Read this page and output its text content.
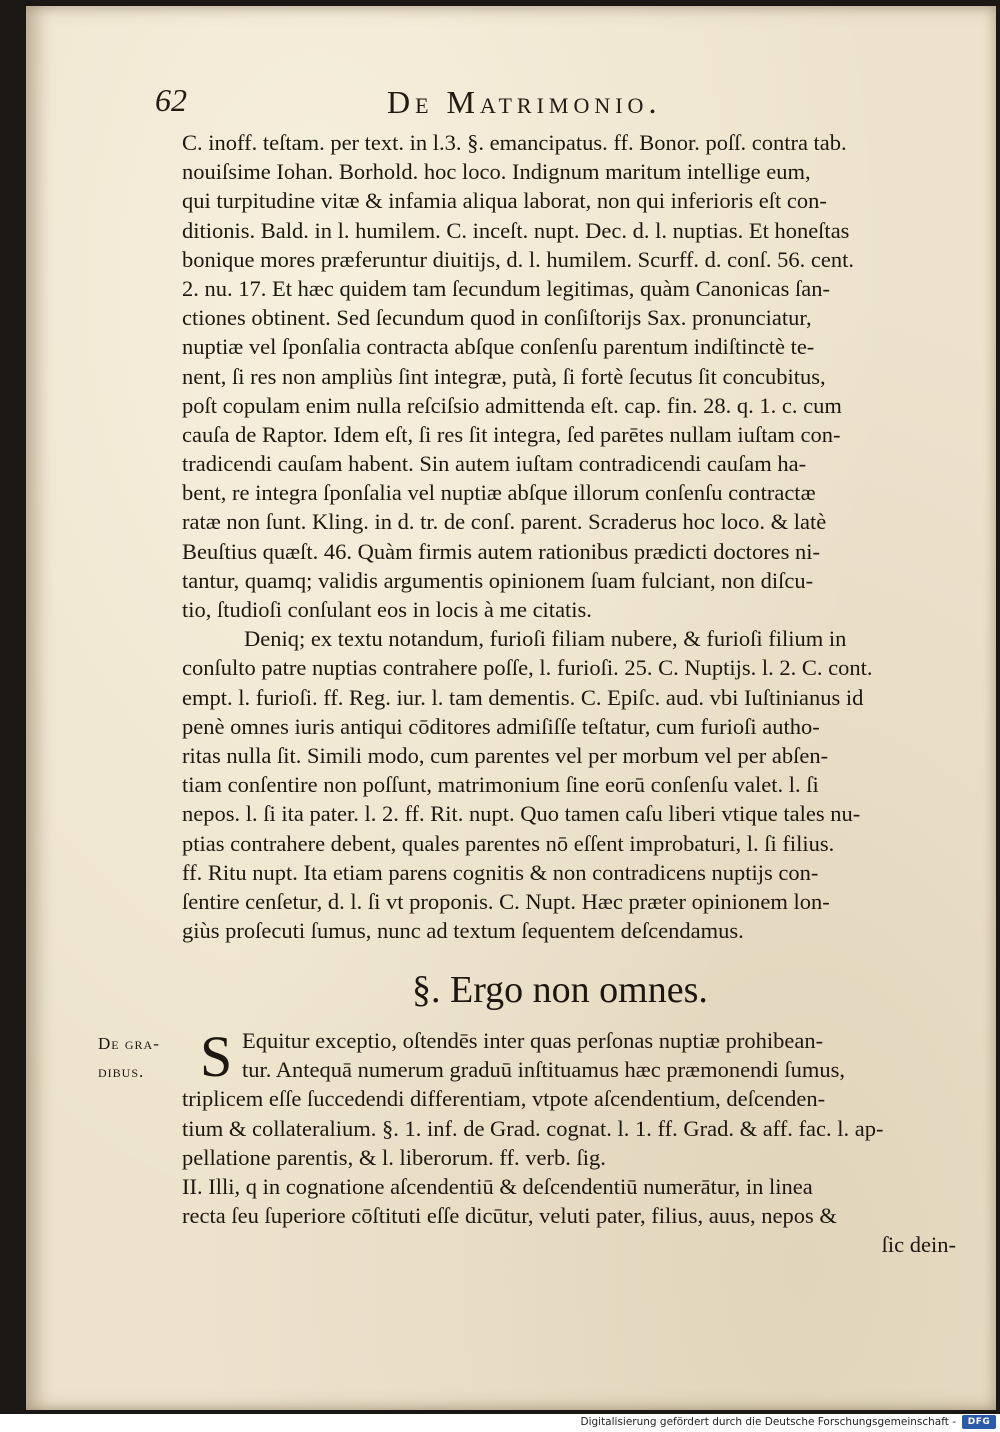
62	De Matrimonio.
C. inoff. teſtam. per text. in l.3. §. emancipatus. ff. Bonor. poſſ. contra tab.
nouiſsime Iohan. Borhold. hoc loco. Indignum maritum intellige eum,
qui turpitudine vitæ & infamia aliqua laborat, non qui inferioris eſt con-
ditionis. Bald. in l. humilem. C. inceſt. nupt. Dec. d. l. nuptias. Et honeſtas
bonique mores præferuntur diuitijs, d. l. humilem. Scurff. d. conſ. 56. cent.
2. nu. 17. Et hæc quidem tam ſecundum legitimas, quàm Canonicas ſan-
ctiones obtinent. Sed ſecundum quod in conſiſtorijs Sax. pronunciatur,
nuptiæ vel ſponſalia contracta abſque conſenſu parentum indiſtinctè te-
nent, ſi res non ampliùs ſint integræ, putà, ſi fortè ſecutus ſit concubitus,
poſt copulam enim nulla reſciſsio admittenda eſt. cap. fin. 28. q. 1. c. cum
cauſa de Raptor. Idem eſt, ſi res ſit integra, ſed parētes nullam iuſtam con-
tradicendi cauſam habent. Sin autem iuſtam contradicendi cauſam ha-
bent, re integra ſponſalia vel nuptiæ abſque illorum conſenſu contractæ
ratæ non ſunt. Kling. in d. tr. de conſ. parent. Scraderus hoc loco. & latè
Beuſtius quæſt. 46. Quàm firmis autem rationibus prædicti doctores ni-
tantur, quamq; validis argumentis opinionem ſuam fulciant, non diſcu-
tio, ſtudioſi conſulant eos in locis à me citatis.
Deniq; ex textu notandum, furioſi filiam nubere, & furioſi filium in
conſulto patre nuptias contrahere poſſe, l. furioſi. 25. C. Nuptijs. l. 2. C. cont.
empt. l. furioſi. ff. Reg. iur. l. tam dementis. C. Epiſc. aud. vbi Iuſtinianus id
penè omnes iuris antiqui cōditores admiſiſſe teſtatur, cum furioſi autho-
ritas nulla ſit. Simili modo, cum parentes vel per morbum vel per abſen-
tiam conſentire non poſſunt, matrimonium ſine eorū conſenſu valet. l. ſi
nepos. l. ſi ita pater. l. 2. ff. Rit. nupt. Quo tamen caſu liberi vtique tales nu-
ptias contrahere debent, quales parentes nō eſſent improbaturi, l. ſi filius.
ff. Ritu nupt. Ita etiam parens cognitis & non contradicens nuptijs con-
ſentire cenſetur, d. l. ſi vt proponis. C. Nupt. Hæc præter opinionem lon-
giùs proſecuti ſumus, nunc ad textum ſequentem deſcendamus.
§. Ergo non omnes.
De gra-
dibus. S Equitur exceptio, oſtendēs inter quas perſonas nuptiæ prohibean-
tur. Antequā numerum graduū inſtituamus hæc præmonendi ſumus,
triplicem eſſe ſuccedendi differentiam, vtpote aſcendentium, deſcenden-
tium & collateralium. §. 1. inf. de Grad. cognat. l. 1. ff. Grad. & aff. fac. l. ap-
pellatione parentis, & l. liberorum. ff. verb. ſig.
II. Illi, q in cognatione aſcendentiū & deſcendentiū numerātur, in linea
recta ſeu ſuperiore cōſtituti eſſe dicūtur, veluti pater, filius, auus, nepos &
ſic dein-
Digitalisierung gefördert durch die Deutsche Forschungsgemeinschaft -	DFG
